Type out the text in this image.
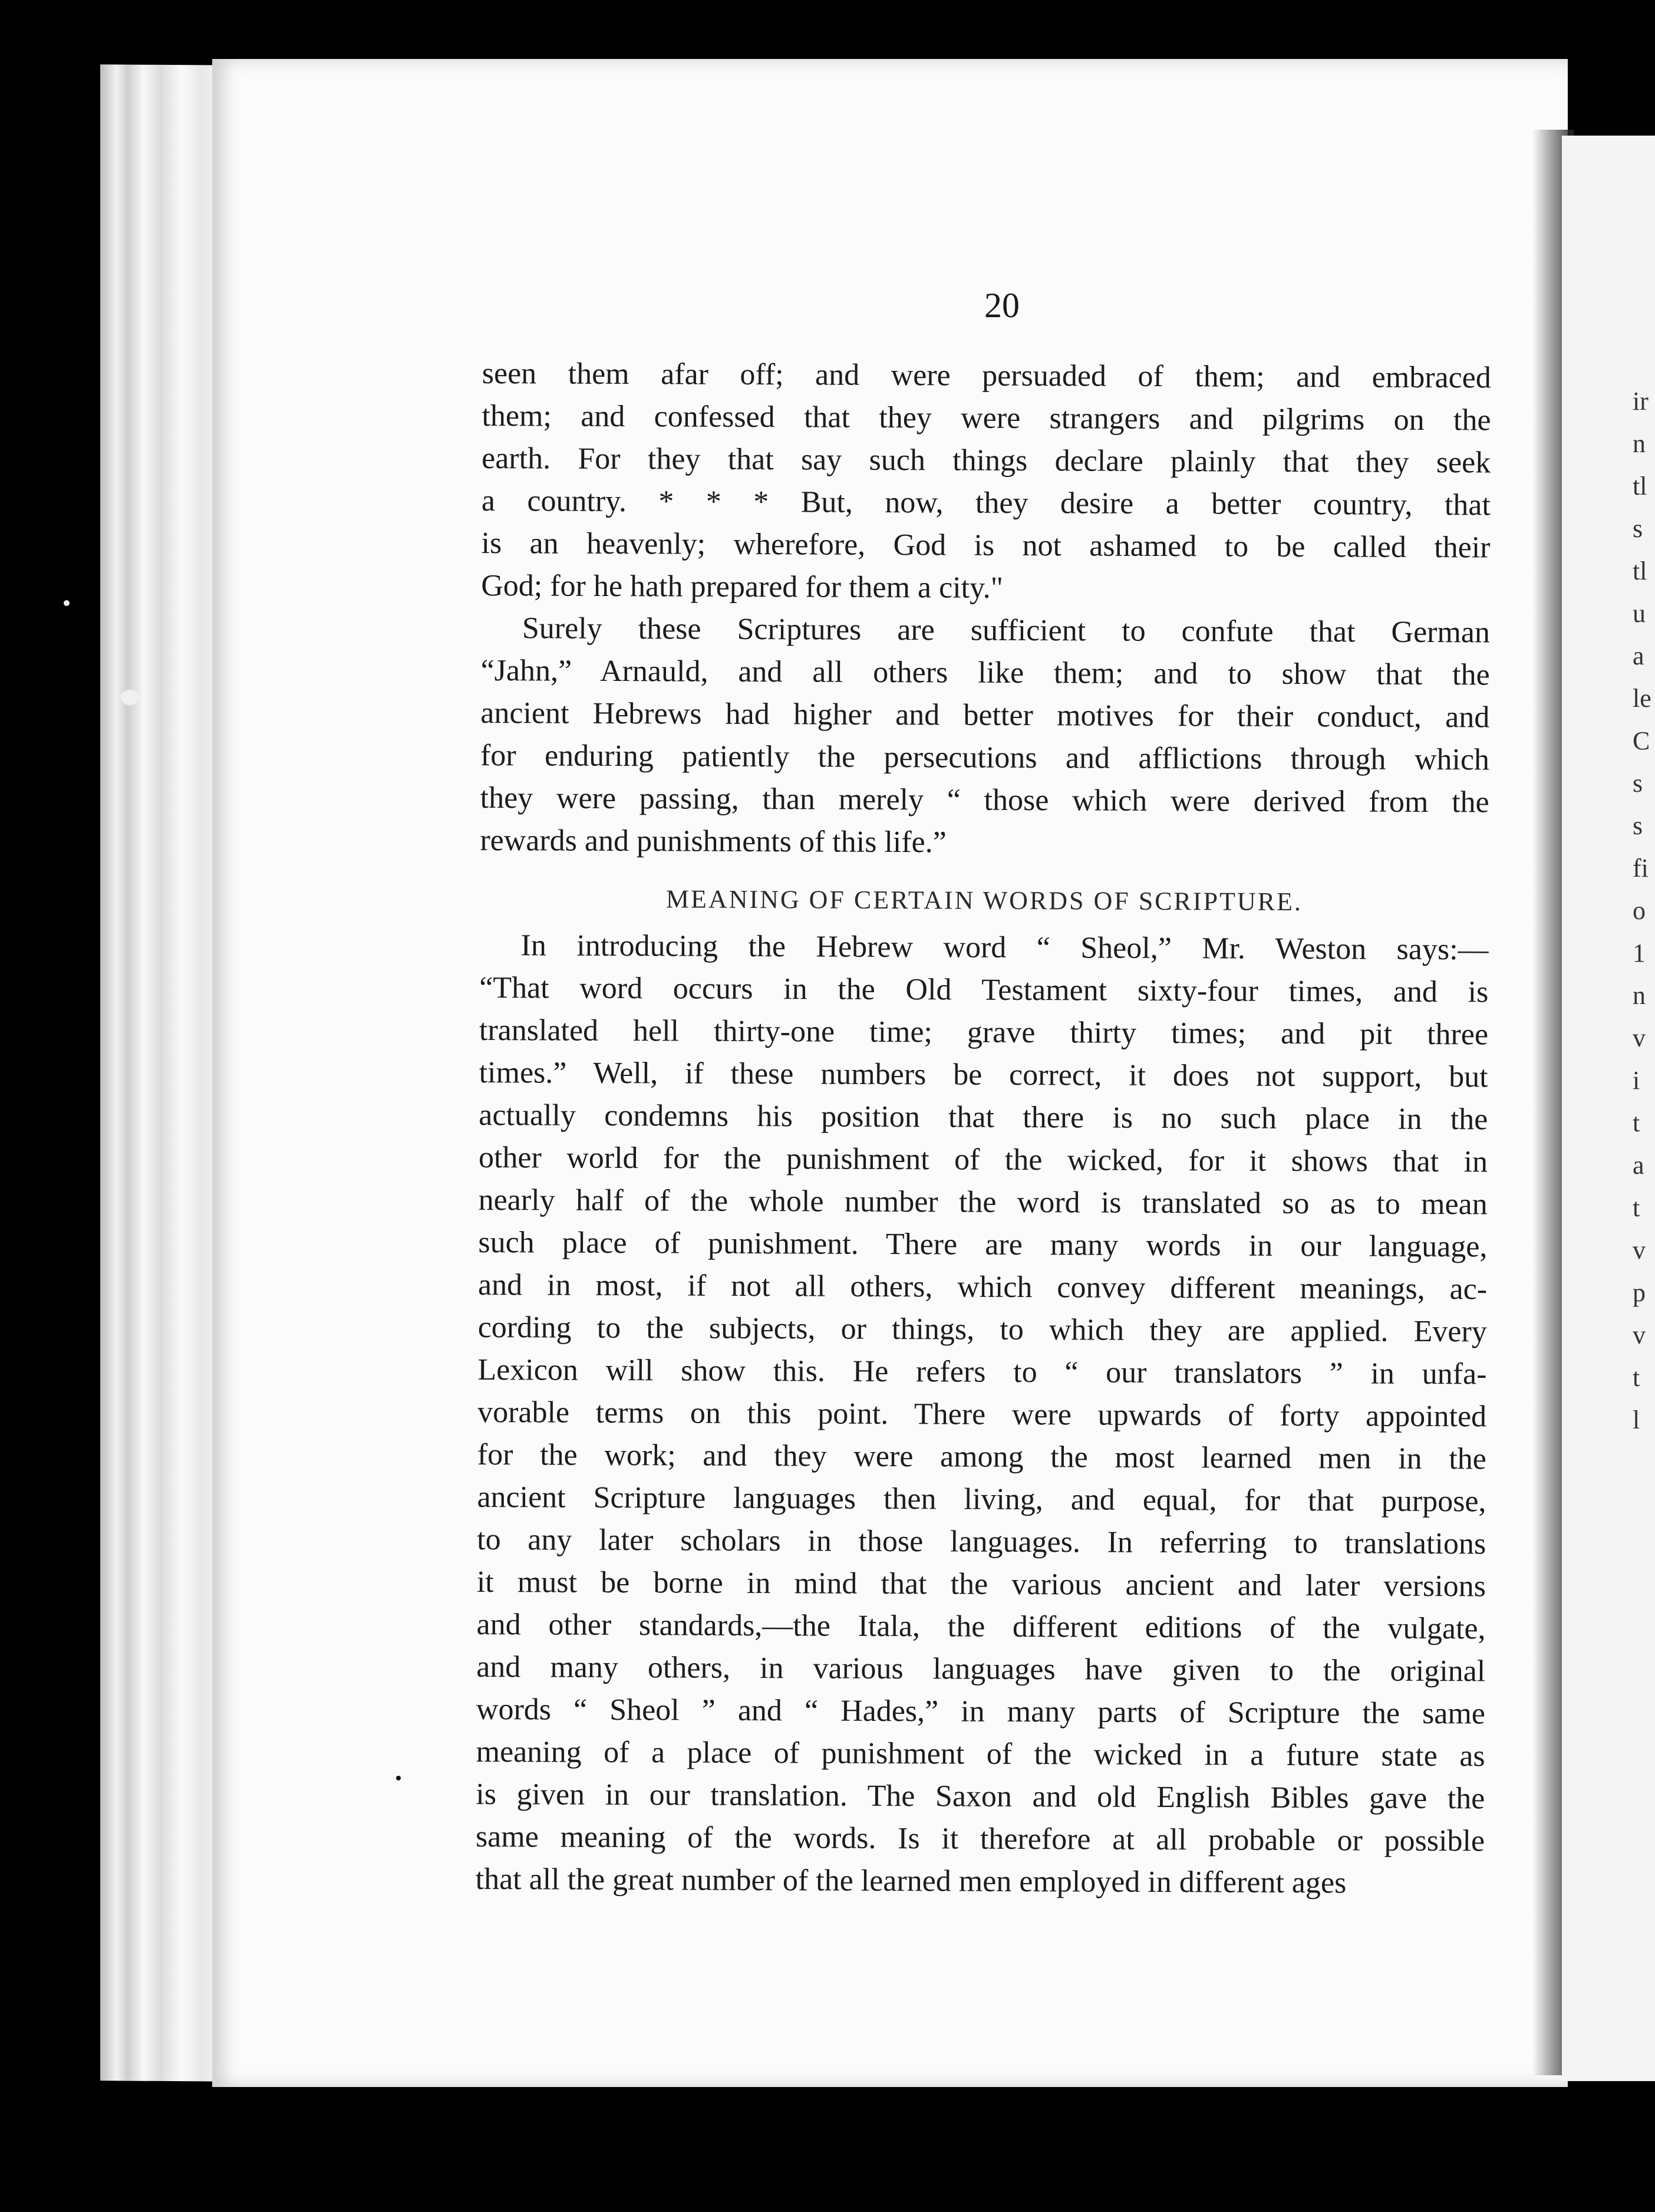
ir
n
tl
s
tl
u
a
le
C
s
s
fi
o
1
n
v
i
t
a
t
v
p
v
t
l
20
seen them afar off; and were persuaded of them; and embraced
them; and confessed that they were strangers and pilgrims on the
earth. For they that say such things declare plainly that they seek
a country. * * * But, now, they desire a better country, that
is an heavenly; wherefore, God is not ashamed to be called their
God; for he hath prepared for them a city."
Surely these Scriptures are sufficient to confute that German
“Jahn,” Arnauld, and all others like them; and to show that the
ancient Hebrews had higher and better motives for their conduct, and
for enduring patiently the persecutions and afflictions through which
they were passing, than merely “ those which were derived from the
rewards and punishments of this life.”
MEANING OF CERTAIN WORDS OF SCRIPTURE.
In introducing the Hebrew word “ Sheol,” Mr. Weston says:—
“That word occurs in the Old Testament sixty-four times, and is
translated hell thirty-one time; grave thirty times; and pit three
times.” Well, if these numbers be correct, it does not support, but
actually condemns his position that there is no such place in the
other world for the punishment of the wicked, for it shows that in
nearly half of the whole number the word is translated so as to mean
such place of punishment. There are many words in our language,
and in most, if not all others, which convey different meanings, ac-
cording to the subjects, or things, to which they are applied. Every
Lexicon will show this. He refers to “ our translators ” in unfa-
vorable terms on this point. There were upwards of forty appointed
for the work; and they were among the most learned men in the
ancient Scripture languages then living, and equal, for that purpose,
to any later scholars in those languages. In referring to translations
it must be borne in mind that the various ancient and later versions
and other standards,—the Itala, the different editions of the vulgate,
and many others, in various languages have given to the original
words “ Sheol ” and “ Hades,” in many parts of Scripture the same
meaning of a place of punishment of the wicked in a future state as
is given in our translation. The Saxon and old English Bibles gave the
same meaning of the words. Is it therefore at all probable or possible
that all the great number of the learned men employed in different ages
